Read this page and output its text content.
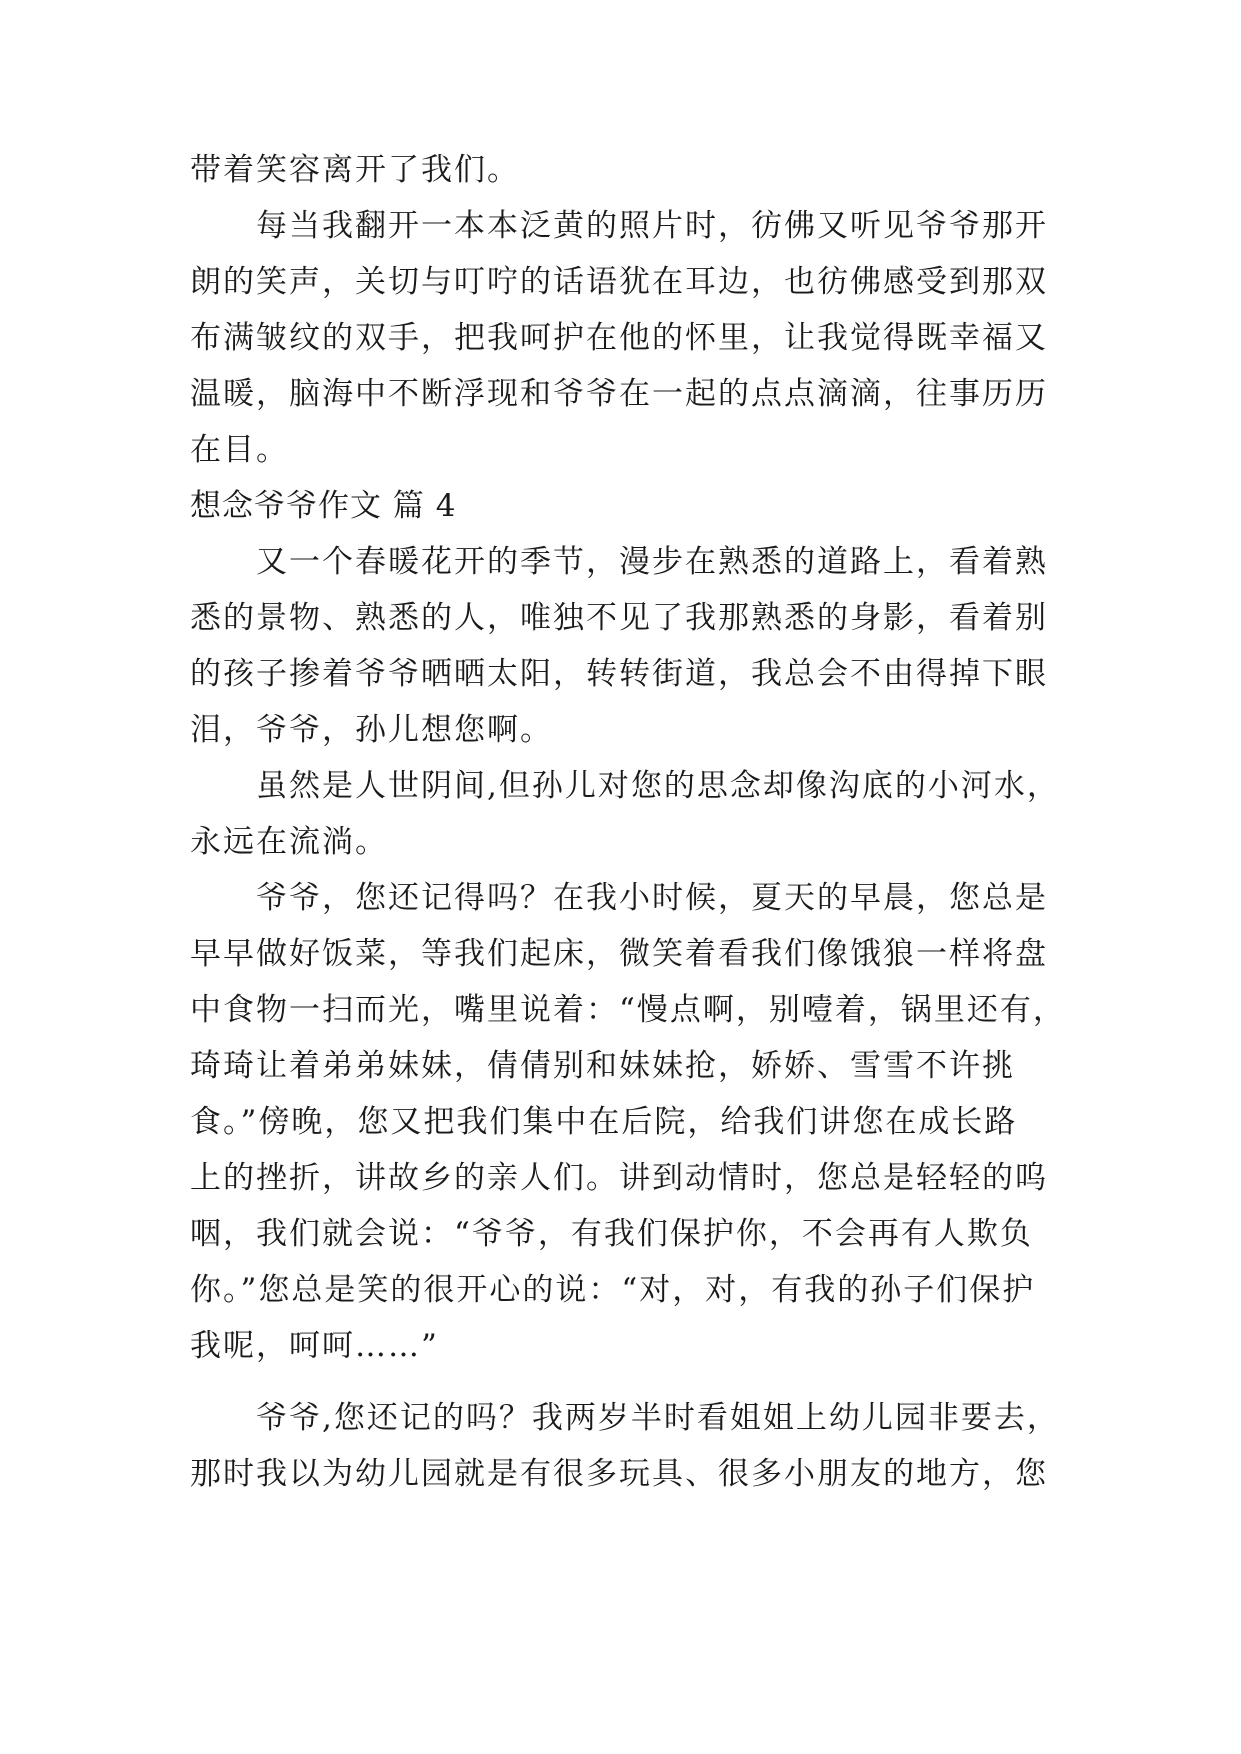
带着笑容离开了我们。
每当我翻开一本本泛黄的照片时，彷佛又听见爷爷那开
朗的笑声，关切与叮咛的话语犹在耳边，也彷佛感受到那双
布满皱纹的双手，把我呵护在他的怀里，让我觉得既幸福又
温暖，脑海中不断浮现和爷爷在一起的点点滴滴，往事历历
在目。
想念爷爷作文 篇 4
又一个春暖花开的季节，漫步在熟悉的道路上，看着熟
悉的景物、熟悉的人，唯独不见了我那熟悉的身影，看着别
的孩子掺着爷爷晒晒太阳，转转街道，我总会不由得掉下眼
泪，爷爷，孙儿想您啊。
虽然是人世阴间,但孙儿对您的思念却像沟底的小河水，
永远在流淌。
爷爷，您还记得吗？在我小时候，夏天的早晨，您总是
早早做好饭菜，等我们起床，微笑着看我们像饿狼一样将盘
中食物一扫而光，嘴里说着：“慢点啊，别噎着，锅里还有，
琦琦让着弟弟妹妹，倩倩别和妹妹抢，娇娇、雪雪不许挑
食。”傍晚，您又把我们集中在后院，给我们讲您在成长路
上的挫折，讲故乡的亲人们。讲到动情时，您总是轻轻的呜
咽，我们就会说：“爷爷，有我们保护你，不会再有人欺负
你。”您总是笑的很开心的说：“对，对，有我的孙子们保护
我呢，呵呵……”
爷爷,您还记的吗？我两岁半时看姐姐上幼儿园非要去，
那时我以为幼儿园就是有很多玩具、很多小朋友的地方，您
